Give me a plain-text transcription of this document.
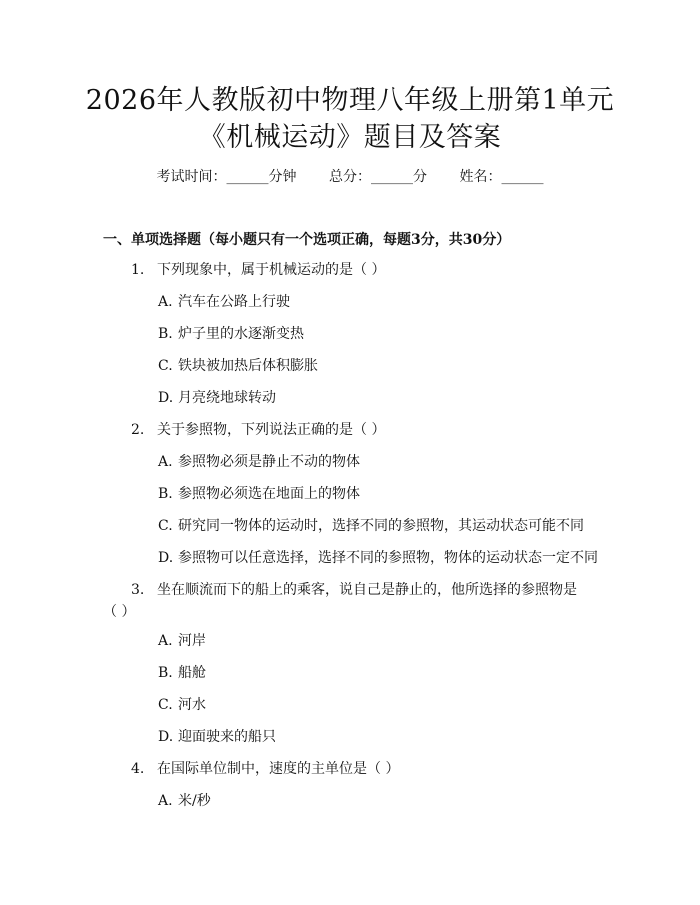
2026年人教版初中物理八年级上册第1单元
《机械运动》题目及答案
考试时间：______分钟 总分：______分 姓名：______
一、单项选择题（每小题只有一个选项正确，每题3分，共30分）
1. 下列现象中，属于机械运动的是（ ）
A. 汽车在公路上行驶
B. 炉子里的水逐渐变热
C. 铁块被加热后体积膨胀
D. 月亮绕地球转动
2. 关于参照物，下列说法正确的是（ ）
A. 参照物必须是静止不动的物体
B. 参照物必须选在地面上的物体
C. 研究同一物体的运动时，选择不同的参照物，其运动状态可能不同
D. 参照物可以任意选择，选择不同的参照物，物体的运动状态一定不同
3. 坐在顺流而下的船上的乘客，说自己是静止的，他所选择的参照物是
（ ）
A. 河岸
B. 船舱
C. 河水
D. 迎面驶来的船只
4. 在国际单位制中，速度的主单位是（ ）
A. 米/秒
